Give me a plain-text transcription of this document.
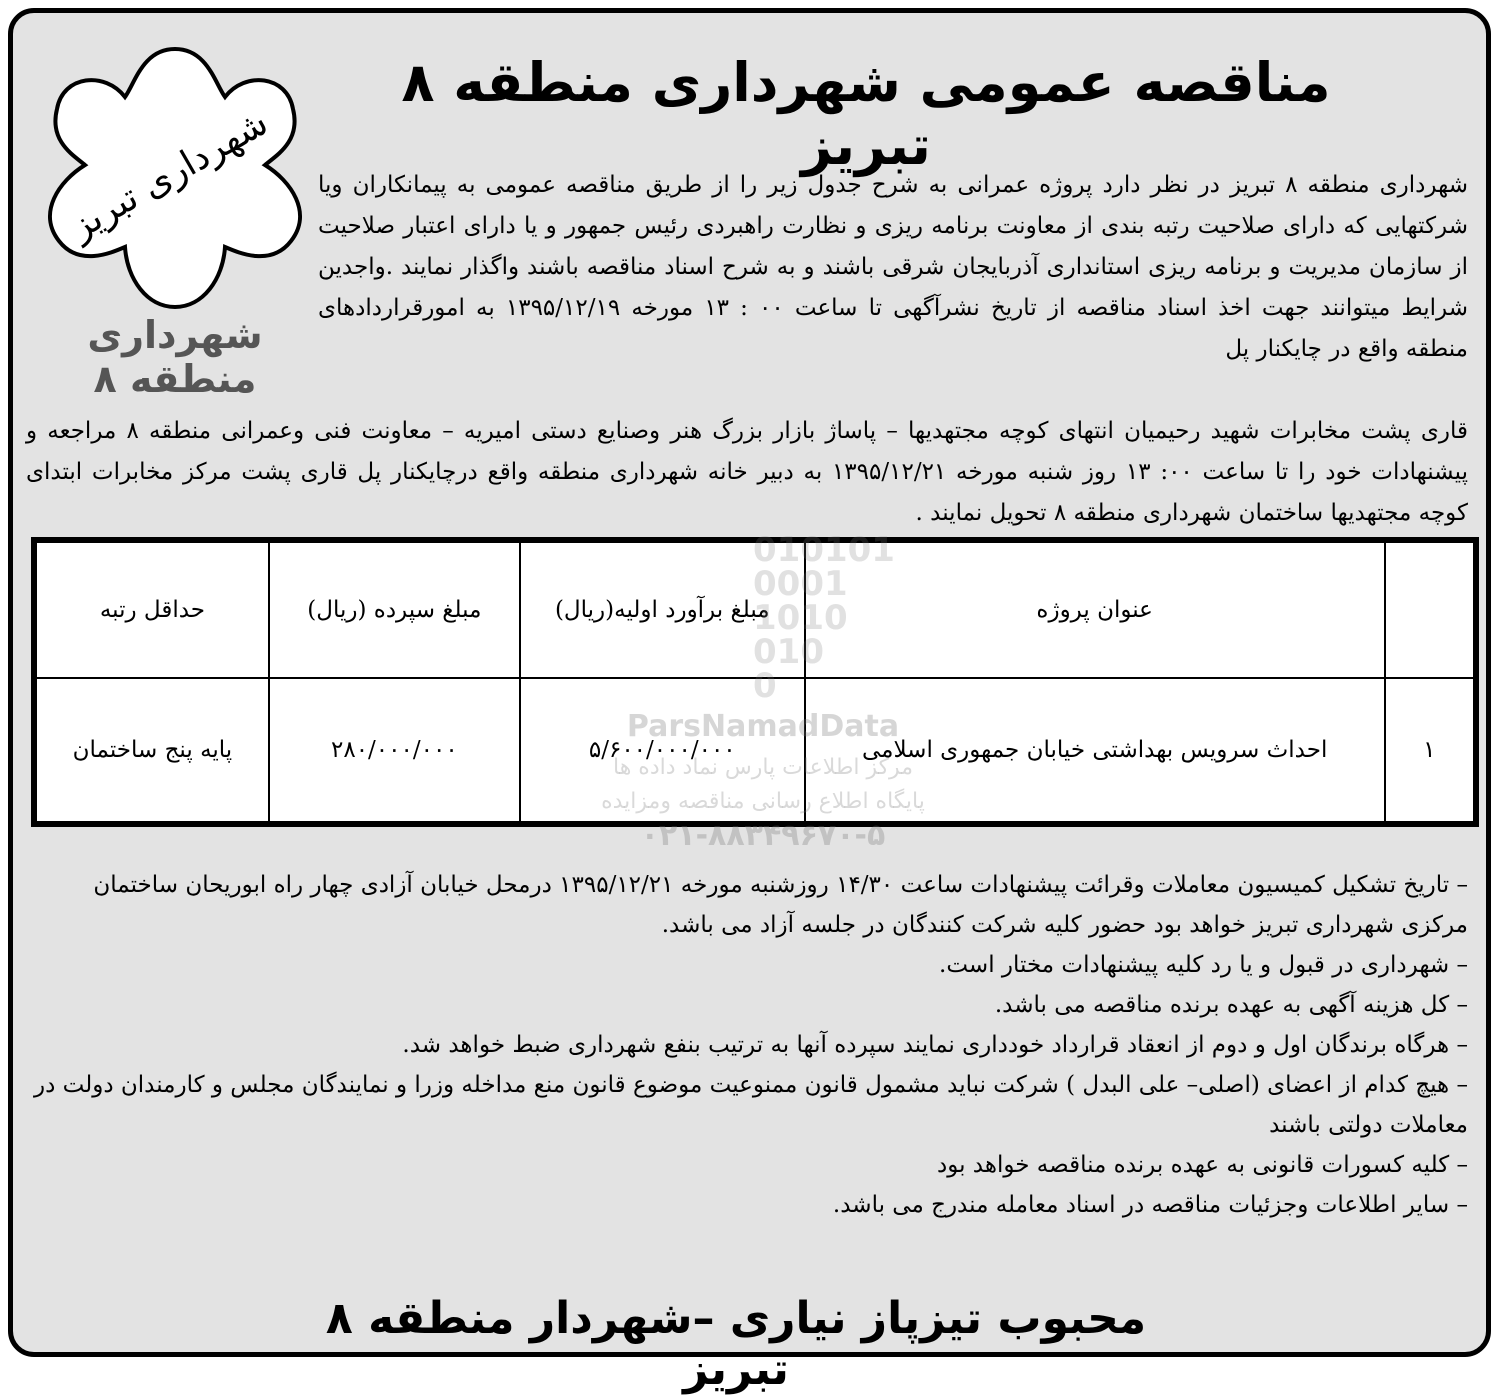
شهرداری تبریز
شهرداری منطقه ۸
مناقصه عمومی شهرداری منطقه ۸ تبریز

شهرداری منطقه ۸ تبریز در نظر دارد پروژه عمرانی به شرح جدول زیر را از طریق مناقصه عمومی به پیمانکاران ویا شرکتهایی که دارای صلاحیت رتبه بندی از معاونت برنامه ریزی و نظارت راهبردی رئیس جمهور و یا دارای اعتبار صلاحیت از سازمان مدیریت و برنامه ریزی استانداری آذربایجان شرقی باشند و به شرح اسناد مناقصه باشند واگذار نمایند .واجدین شرایط میتوانند جهت اخذ اسناد مناقصه از تاریخ نشرآگهی تا ساعت ۰۰ : ۱۳ مورخه ۱۳۹۵/۱۲/۱۹ به امورقراردادهای منطقه واقع در چایکنار پل

قاری پشت مخابرات شهید رحیمیان انتهای کوچه مجتهدیها – پاساژ بازار بزرگ هنر وصنایع دستی امیریه – معاونت فنی وعمرانی منطقه ۸ مراجعه و پیشنهادات خود را تا ساعت ۰۰: ۱۳ روز شنبه مورخه ۱۳۹۵/۱۲/۲۱ به دبیر خانه شهرداری منطقه واقع درچایکنار پل قاری پشت مرکز مخابرات ابتدای کوچه مجتهدیها ساختمان شهرداری منطقه ۸ تحویل نمایند .

	عنوان پروژه	مبلغ برآورد اولیه(ریال)	مبلغ سپرده (ریال)	حداقل رتبه
۱	احداث سرویس بهداشتی خیابان جمهوری اسلامی	۵/۶۰۰/۰۰۰/۰۰۰	۲۸۰/۰۰۰/۰۰۰	پایه پنج ساختمان
010101
0001
1010
010
0
ParsNamadData
مرکز اطلاعات پارس نماد داده ها
پایگاه اطلاع رسانی مناقصه ومزایده
۰۲۱-۸۸۳۴۹۶۷۰-۵
– تاریخ تشکیل کمیسیون معاملات وقرائت پیشنهادات ساعت ۱۴/۳۰ روزشنبه مورخه ۱۳۹۵/۱۲/۲۱ درمحل خیابان آزادی چهار راه ابوریحان ساختمان مرکزی شهرداری تبریز خواهد بود حضور کلیه شرکت کنندگان در جلسه آزاد می باشد.
– شهرداری در قبول و یا رد کلیه پیشنهادات مختار است.
– کل هزینه آگهی به عهده برنده مناقصه می باشد.
– هرگاه برندگان اول و دوم از انعقاد قرارداد خودداری نمایند سپرده آنها به ترتیب بنفع شهرداری ضبط خواهد شد.
– هیچ کدام از اعضای (اصلی– علی البدل ) شرکت نباید مشمول قانون ممنوعیت موضوع قانون منع مداخله وزرا و نمایندگان مجلس و کارمندان دولت در معاملات دولتی باشند
– کلیه کسورات قانونی به عهده برنده مناقصه خواهد بود
– سایر اطلاعات وجزئیات مناقصه در اسناد معامله مندرج می باشد.
محبوب تیزپاز نیاری –شهردار منطقه ۸ تبریز
